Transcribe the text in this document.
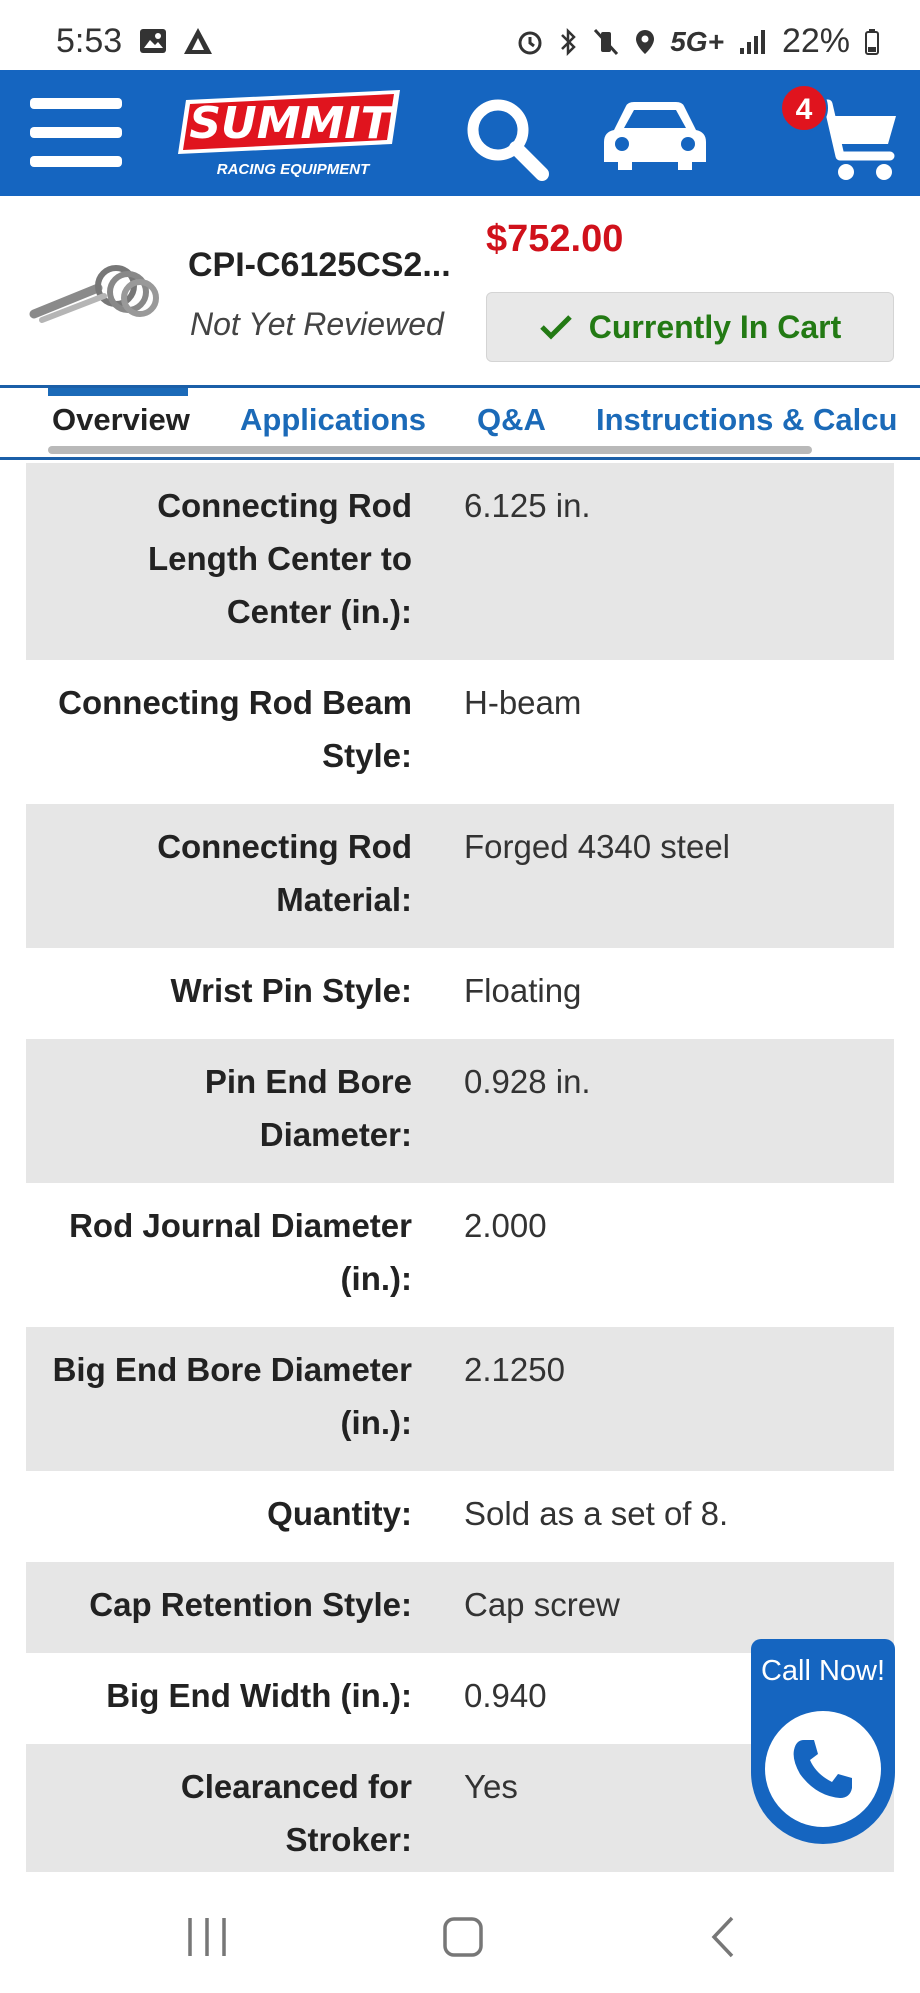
5:53	5G+ 22%
SUMMIT
RACING EQUIPMENT
4
CPI-C6125CS2...
Not Yet Reviewed
$752.00
Currently In Cart
Overview Applications Q&A Instructions & Calcu
Connecting Rod Length Center to Center (in.):
6.125 in.
Connecting Rod Beam Style:
H-beam
Connecting Rod Material:
Forged 4340 steel
Wrist Pin Style:	Floating
Pin End Bore Diameter:
0.928 in.
Rod Journal Diameter (in.):
2.000
Big End Bore Diameter (in.):
2.1250
Quantity:	Sold as a set of 8.
Cap Retention Style:	Cap screw
Big End Width (in.):	0.940
Clearanced for Stroker:
Yes
Call Now!
